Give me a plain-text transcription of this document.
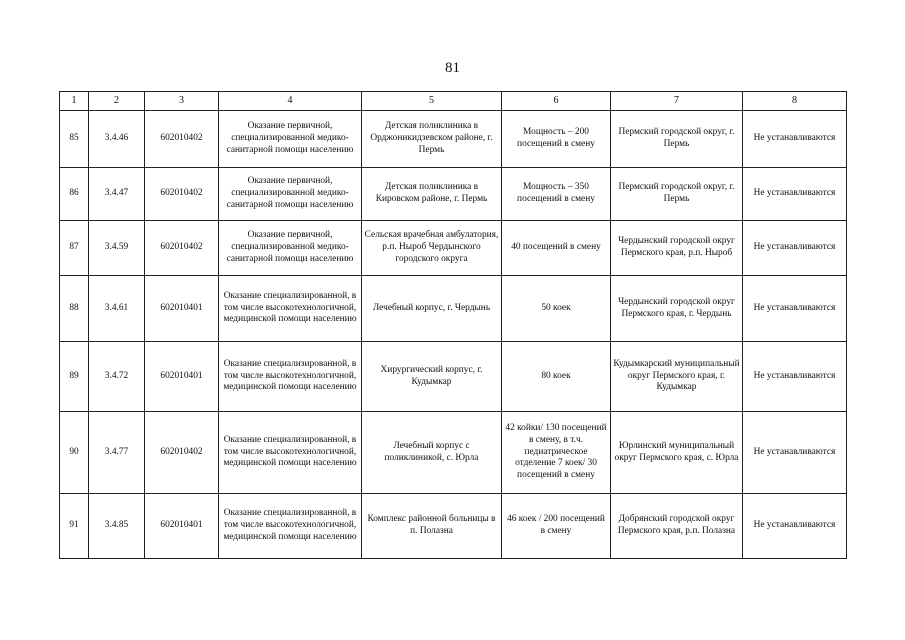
81
1	2	3	4	5	6	7	8
85	3.4.46	602010402	Оказание первичной, специализированной медико-санитарной помощи населению	Детская поликлиника в Орджоникидзевском районе, г. Пермь	Мощность – 200 посещений в смену	Пермский городской округ, г. Пермь	Не устанавливаются
86	3.4.47	602010402	Оказание первичной, специализированной медико-санитарной помощи населению	Детская поликлиника в Кировском районе, г. Пермь	Мощность – 350 посещений в смену	Пермский городской округ, г. Пермь	Не устанавливаются
87	3.4.59	602010402	Оказание первичной, специализированной медико-санитарной помощи населению	Сельская врачебная амбулатория, р.п. Ныроб Чердынского городского округа	40 посещений в смену	Чердынский городской округ Пермского края, р.п. Ныроб	Не устанавливаются
88	3.4.61	602010401	Оказание специализированной, в том числе высокотехнологичной, медицинской помощи населению	Лечебный корпус, г. Чердынь	50 коек	Чердынский городской округ Пермского края, г. Чердынь	Не устанавливаются
89	3.4.72	602010401	Оказание специализированной, в том числе высокотехнологичной, медицинской помощи населению	Хирургический корпус, г. Кудымкар	80 коек	Кудымкарский муниципальный округ Пермского края, г. Кудымкар	Не устанавливаются
90	3.4.77	602010402	Оказание специализированной, в том числе высокотехнологичной, медицинской помощи населению	Лечебный корпус с поликлиникой, с. Юрла	42 койки/ 130 посещений в смену, в т.ч. педиатрическое отделение 7 коек/ 30 посещений в смену	Юрлинский муниципальный округ Пермского края, с. Юрла	Не устанавливаются
91	3.4.85	602010401	Оказание специализированной, в том числе высокотехнологичной, медицинской помощи населению	Комплекс районной больницы в п. Полазна	46 коек / 200 посещений в смену	Добрянский городской округ Пермского края, р.п. Полазна	Не устанавливаются
